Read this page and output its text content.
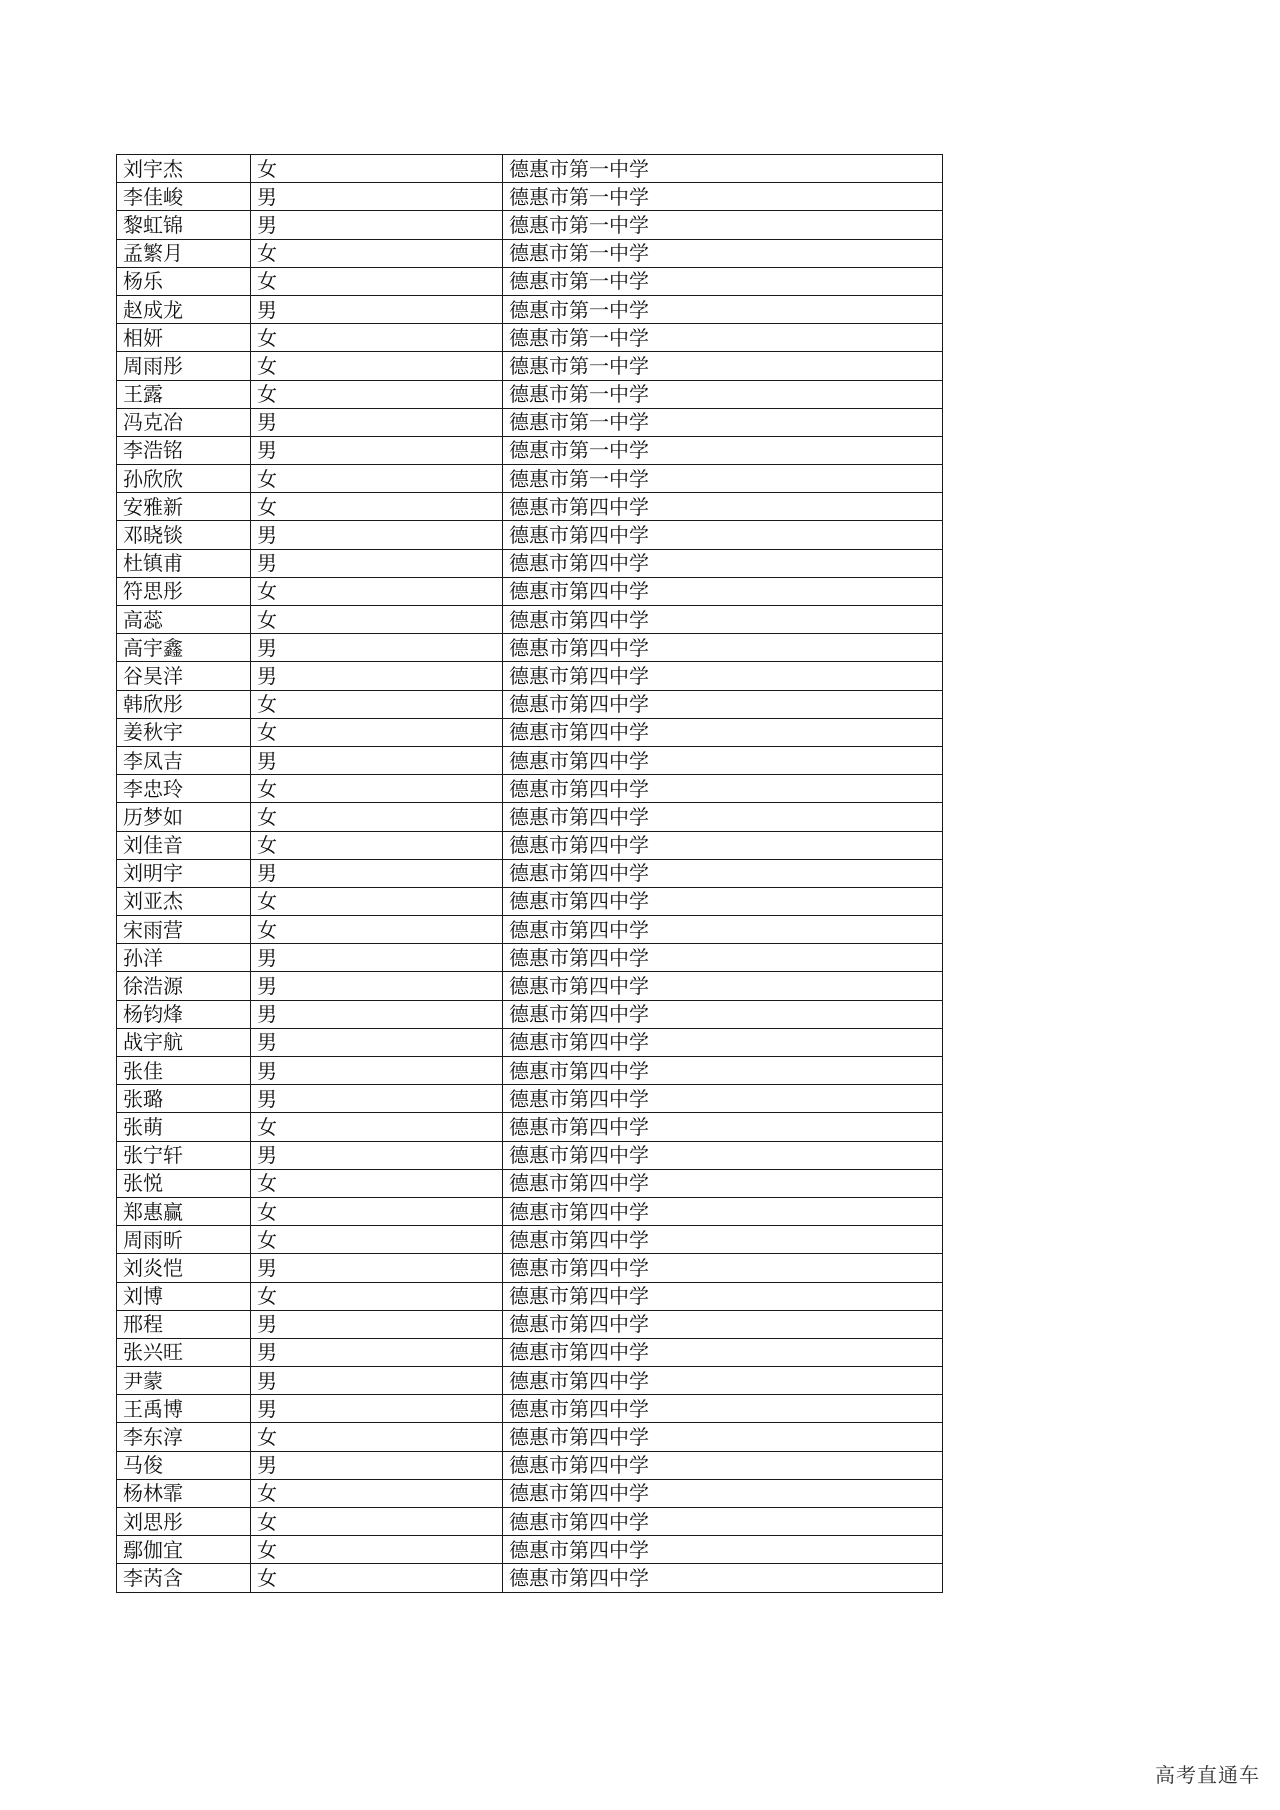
刘宇杰	女	德惠市第一中学
李佳峻	男	德惠市第一中学
黎虹锦	男	德惠市第一中学
孟繁月	女	德惠市第一中学
杨乐	女	德惠市第一中学
赵成龙	男	德惠市第一中学
相妍	女	德惠市第一中学
周雨彤	女	德惠市第一中学
王露	女	德惠市第一中学
冯克冶	男	德惠市第一中学
李浩铭	男	德惠市第一中学
孙欣欣	女	德惠市第一中学
安雅新	女	德惠市第四中学
邓晓锬	男	德惠市第四中学
杜镇甫	男	德惠市第四中学
符思彤	女	德惠市第四中学
高蕊	女	德惠市第四中学
高宇鑫	男	德惠市第四中学
谷昊洋	男	德惠市第四中学
韩欣彤	女	德惠市第四中学
姜秋宇	女	德惠市第四中学
李凤吉	男	德惠市第四中学
李忠玲	女	德惠市第四中学
历梦如	女	德惠市第四中学
刘佳音	女	德惠市第四中学
刘明宇	男	德惠市第四中学
刘亚杰	女	德惠市第四中学
宋雨营	女	德惠市第四中学
孙洋	男	德惠市第四中学
徐浩源	男	德惠市第四中学
杨钧烽	男	德惠市第四中学
战宇航	男	德惠市第四中学
张佳	男	德惠市第四中学
张璐	男	德惠市第四中学
张萌	女	德惠市第四中学
张宁轩	男	德惠市第四中学
张悦	女	德惠市第四中学
郑惠赢	女	德惠市第四中学
周雨昕	女	德惠市第四中学
刘炎恺	男	德惠市第四中学
刘博	女	德惠市第四中学
邢程	男	德惠市第四中学
张兴旺	男	德惠市第四中学
尹蒙	男	德惠市第四中学
王禹博	男	德惠市第四中学
李东淳	女	德惠市第四中学
马俊	男	德惠市第四中学
杨林霏	女	德惠市第四中学
刘思彤	女	德惠市第四中学
鄢伽宜	女	德惠市第四中学
李芮含	女	德惠市第四中学
高考直通车
